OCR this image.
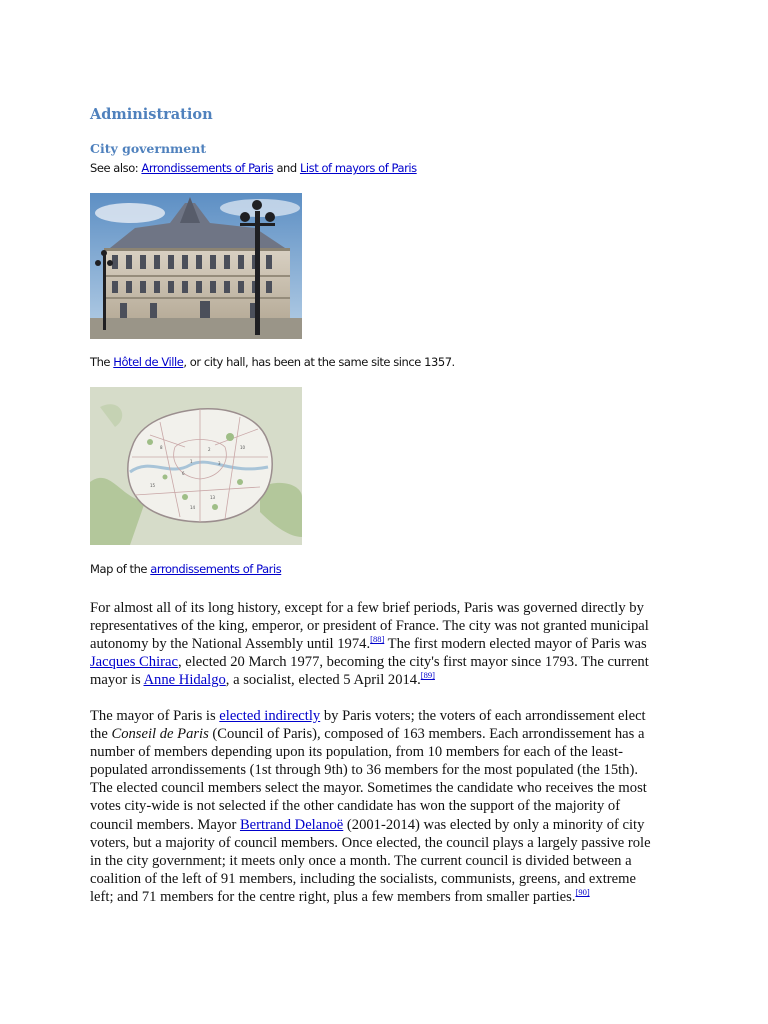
Administration
City government
See also: Arrondissements of Paris and List of mayors of Paris
The Hôtel de Ville, or city hall, has been at the same site since 1357.
1
2
3
6
8	10
15
13
14
Map of the arrondissements of Paris
For almost all of its long history, except for a few brief periods, Paris was governed directly by
representatives of the king, emperor, or president of France. The city was not granted municipal
autonomy by the National Assembly until 1974.[88] The first modern elected mayor of Paris was
Jacques Chirac, elected 20 March 1977, becoming the city's first mayor since 1793. The current
mayor is Anne Hidalgo, a socialist, elected 5 April 2014.[89]
The mayor of Paris is elected indirectly by Paris voters; the voters of each arrondissement elect
the Conseil de Paris (Council of Paris), composed of 163 members. Each arrondissement has a
number of members depending upon its population, from 10 members for each of the least-
populated arrondissements (1st through 9th) to 36 members for the most populated (the 15th).
The elected council members select the mayor. Sometimes the candidate who receives the most
votes city-wide is not selected if the other candidate has won the support of the majority of
council members. Mayor Bertrand Delanoë (2001-2014) was elected by only a minority of city
voters, but a majority of council members. Once elected, the council plays a largely passive role
in the city government; it meets only once a month. The current council is divided between a
coalition of the left of 91 members, including the socialists, communists, greens, and extreme
left; and 71 members for the centre right, plus a few members from smaller parties.[90]
